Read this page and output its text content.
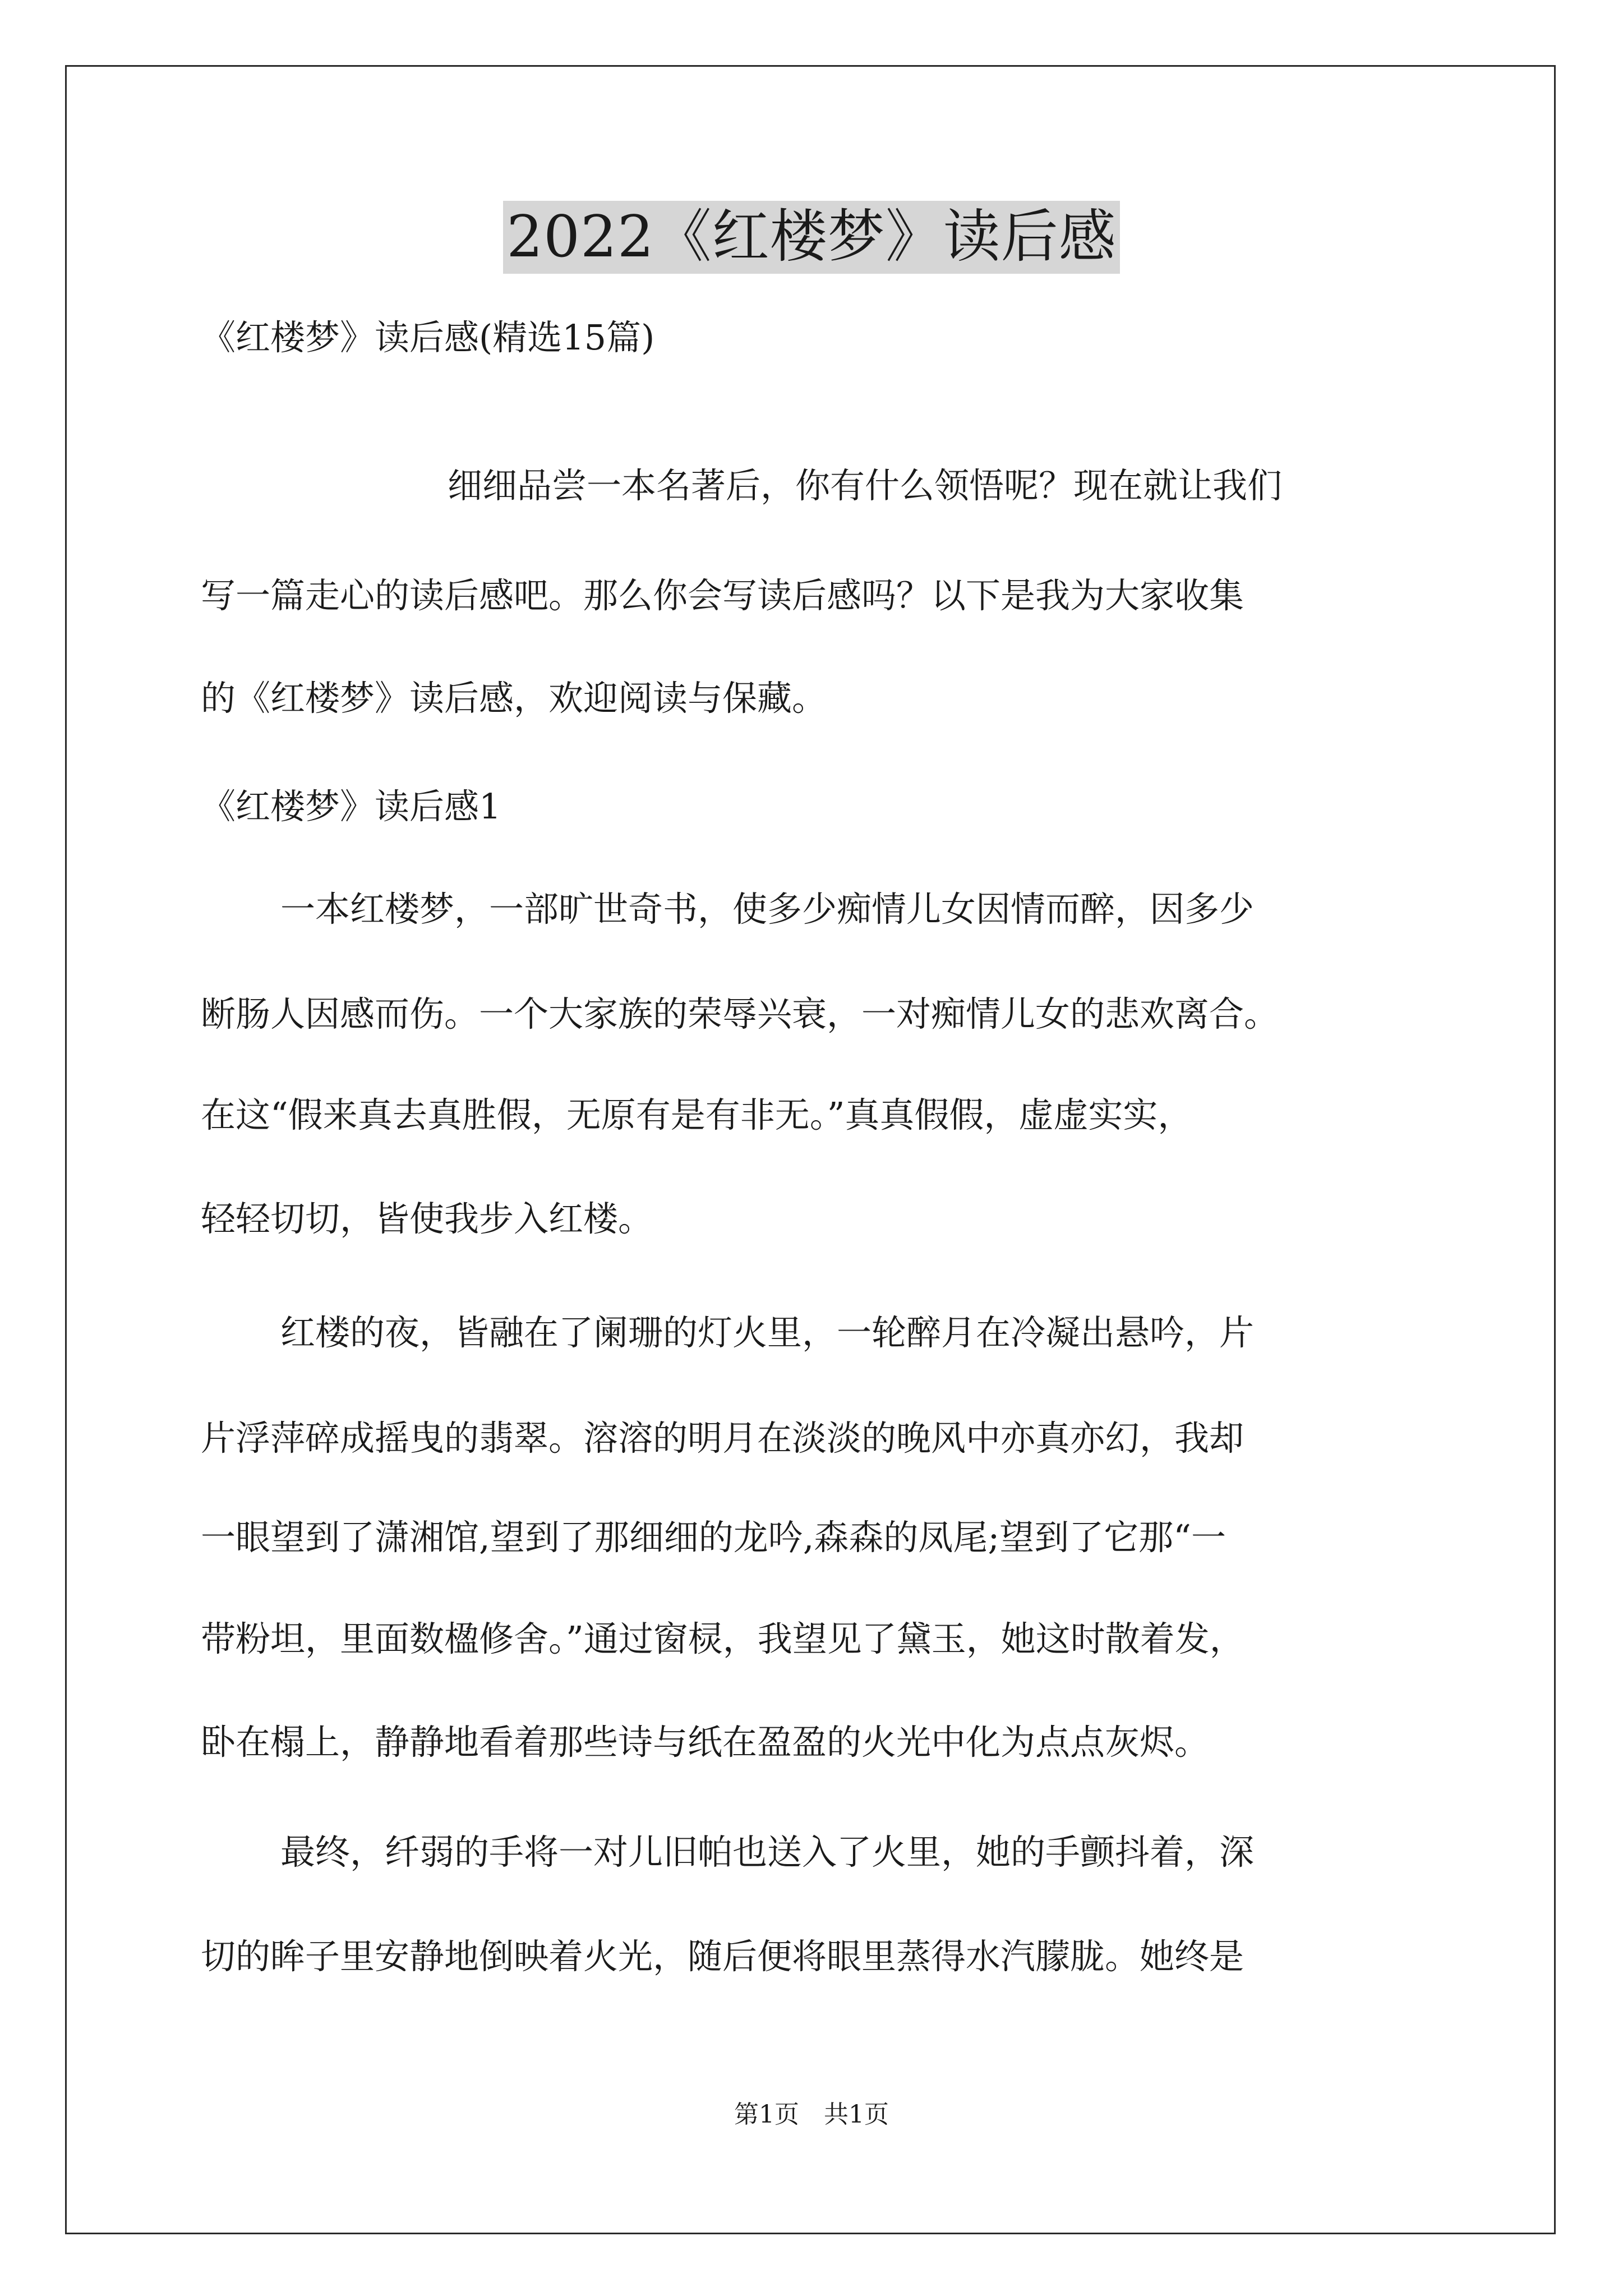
2022《红楼梦》读后感
《红楼梦》读后感(精选15篇)
细细品尝一本名著后，你有什么领悟呢？现在就让我们
写一篇走心的读后感吧。那么你会写读后感吗？以下是我为大家收集
的《红楼梦》读后感，欢迎阅读与保藏。
《红楼梦》读后感1
一本红楼梦，一部旷世奇书，使多少痴情儿女因情而醉，因多少
断肠人因感而伤。一个大家族的荣辱兴衰，一对痴情儿女的悲欢离合。
在这“假来真去真胜假，无原有是有非无。”真真假假，虚虚实实，
轻轻切切，皆使我步入红楼。
红楼的夜，皆融在了阑珊的灯火里，一轮醉月在冷凝出悬吟，片
片浮萍碎成摇曳的翡翠。溶溶的明月在淡淡的晚风中亦真亦幻，我却
一眼望到了潇湘馆,望到了那细细的龙吟,森森的凤尾;望到了它那“一
带粉坦，里面数楹修舍。”通过窗棂，我望见了黛玉，她这时散着发，
卧在榻上，静静地看着那些诗与纸在盈盈的火光中化为点点灰烬。
最终，纤弱的手将一对儿旧帕也送入了火里，她的手颤抖着，深
切的眸子里安静地倒映着火光，随后便将眼里蒸得水汽朦胧。她终是
第1页　共1页
